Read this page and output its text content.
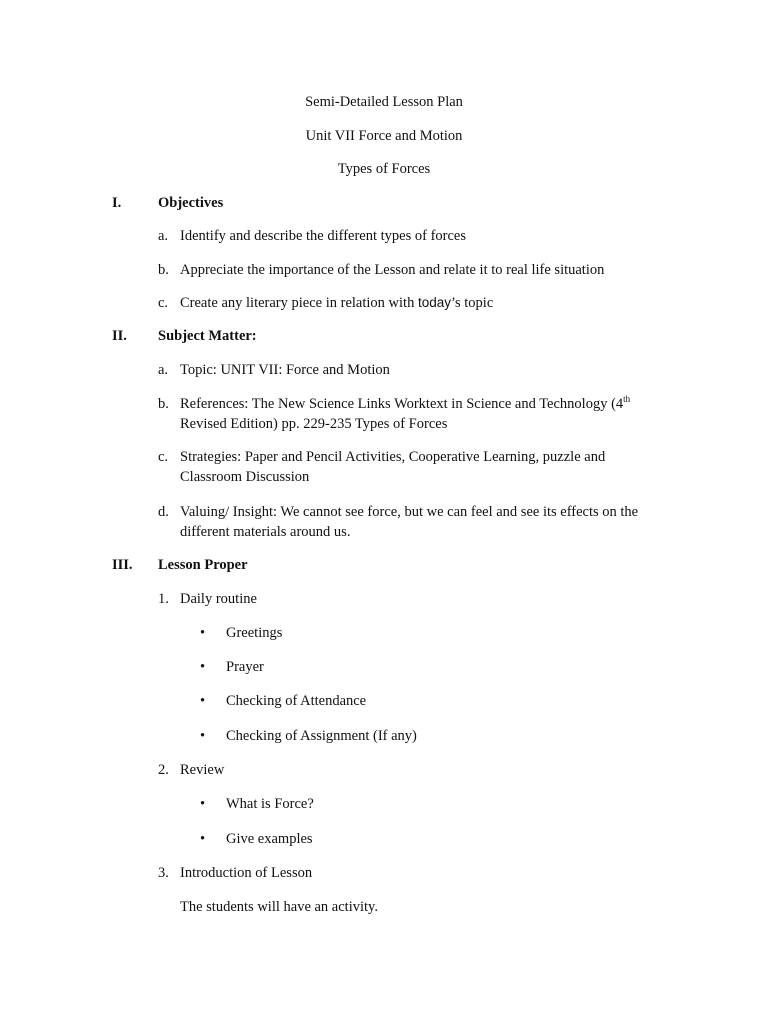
Semi-Detailed Lesson Plan
Unit VII Force and Motion
Types of Forces
I.	Objectives
a. Identify and describe the different types of forces
b. Appreciate the importance of the Lesson and relate it to real life situation
c. Create any literary piece in relation with today’s topic
II. Subject Matter:
a. Topic: UNIT VII: Force and Motion
b. References: The New Science Links Worktext in Science and Technology (4th Revised Edition) pp. 229-235 Types of Forces
c. Strategies: Paper and Pencil Activities, Cooperative Learning, puzzle and Classroom Discussion
d. Valuing/ Insight: We cannot see force, but we can feel and see its effects on the different materials around us.
III. Lesson Proper
1. Daily routine
•	Greetings
•	Prayer
•	Checking of Attendance
•	Checking of Assignment (If any)
2. Review
•	What is Force?
•	Give examples
3. Introduction of Lesson
The students will have an activity.
